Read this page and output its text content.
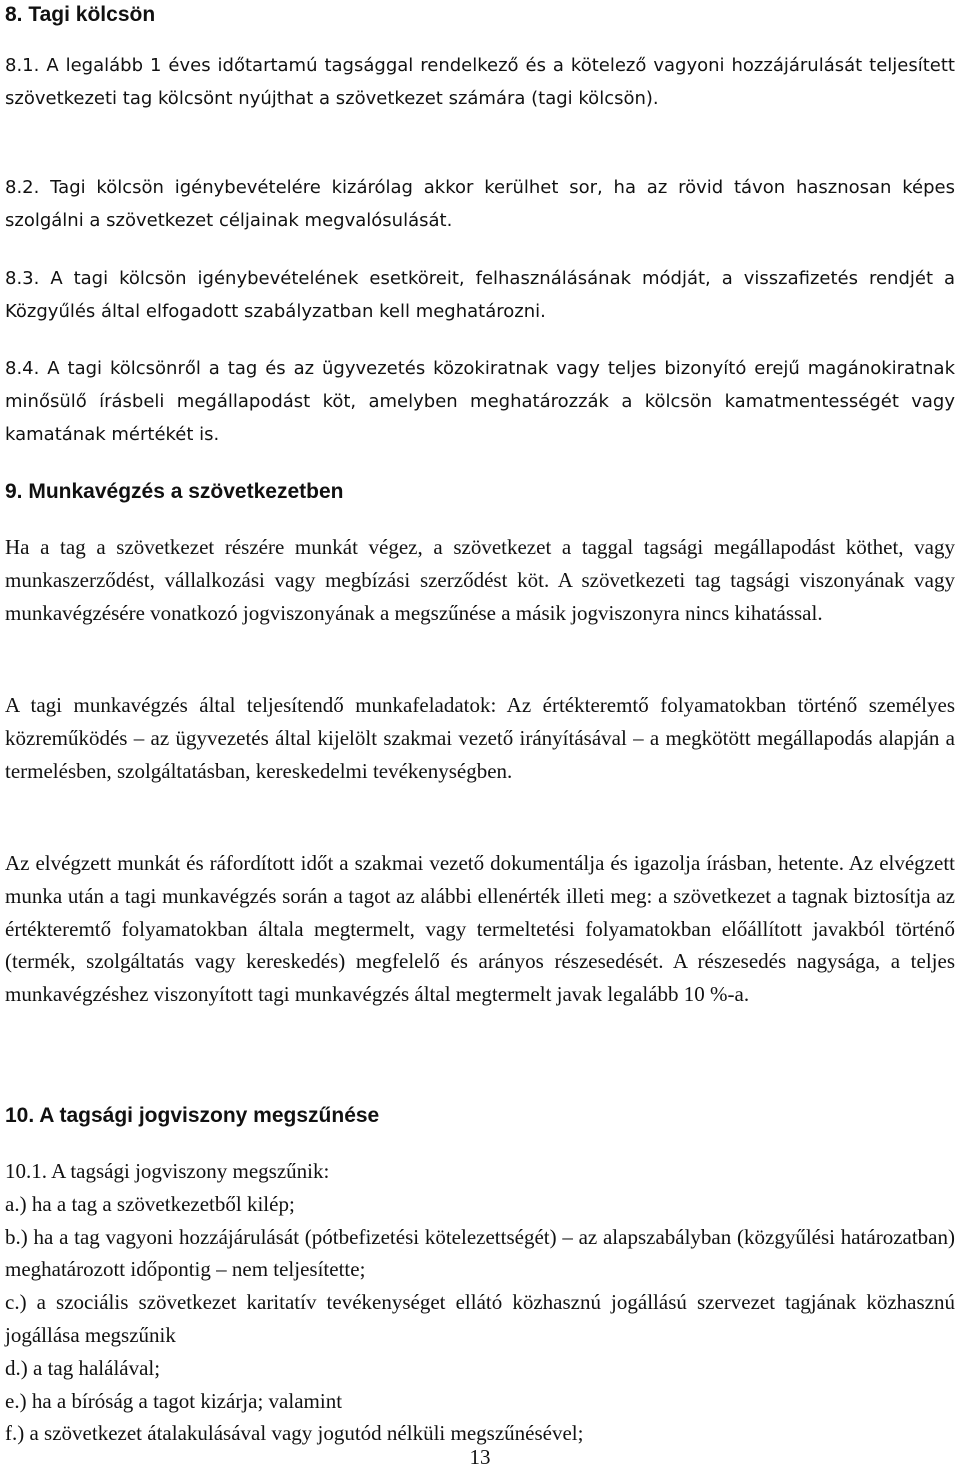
8. Tagi kölcsön
8.1. A legalább 1 éves időtartamú tagsággal rendelkező és a kötelező vagyoni hozzájárulását teljesített szövetkezeti tag kölcsönt nyújthat a szövetkezet számára (tagi kölcsön).
8.2. Tagi kölcsön igénybevételére kizárólag akkor kerülhet sor, ha az rövid távon hasznosan képes szolgálni a szövetkezet céljainak megvalósulását.
8.3. A tagi kölcsön igénybevételének esetköreit, felhasználásának módját, a visszafizetés rendjét a Közgyűlés által elfogadott szabályzatban kell meghatározni.
8.4. A tagi kölcsönről a tag és az ügyvezetés közokiratnak vagy teljes bizonyító erejű magánokiratnak minősülő írásbeli megállapodást köt, amelyben meghatározzák a kölcsön kamatmentességét vagy kamatának mértékét is.
9. Munkavégzés a szövetkezetben
Ha a tag a szövetkezet részére munkát végez, a szövetkezet a taggal tagsági megállapodást köthet, vagy munkaszerződést, vállalkozási vagy megbízási szerződést köt. A szövetkezeti tag tagsági viszonyának vagy munkavégzésére vonatkozó jogviszonyának a megszűnése a másik jogviszonyra nincs kihatással.
A tagi munkavégzés által teljesítendő munkafeladatok: Az értékteremtő folyamatokban történő személyes közreműködés – az ügyvezetés által kijelölt szakmai vezető irányításával – a megkötött megállapodás alapján a termelésben, szolgáltatásban, kereskedelmi tevékenységben.
Az elvégzett munkát és ráfordított időt a szakmai vezető dokumentálja és igazolja írásban, hetente. Az elvégzett munka után a tagi munkavégzés során a tagot az alábbi ellenérték illeti meg: a szövetkezet a tagnak biztosítja az értékteremtő folyamatokban általa megtermelt, vagy termeltetési folyamatokban előállított javakból történő (termék, szolgáltatás vagy kereskedés) megfelelő és arányos részesedését. A részesedés nagysága, a teljes munkavégzéshez viszonyított tagi munkavégzés által megtermelt javak legalább 10 %-a.
10. A tagsági jogviszony megszűnése
10.1. A tagsági jogviszony megszűnik:
a.) ha a tag a szövetkezetből kilép;
b.) ha a tag vagyoni hozzájárulását (pótbefizetési kötelezettségét) – az alapszabályban (közgyűlési határozatban) meghatározott időpontig – nem teljesítette;
c.) a szociális szövetkezet karitatív tevékenységet ellátó közhasznú jogállású szervezet tagjának közhasznú jogállása megszűnik
d.) a tag halálával;
e.) ha a bíróság a tagot kizárja; valamint
f.) a szövetkezet átalakulásával vagy jogutód nélküli megszűnésével;
13
